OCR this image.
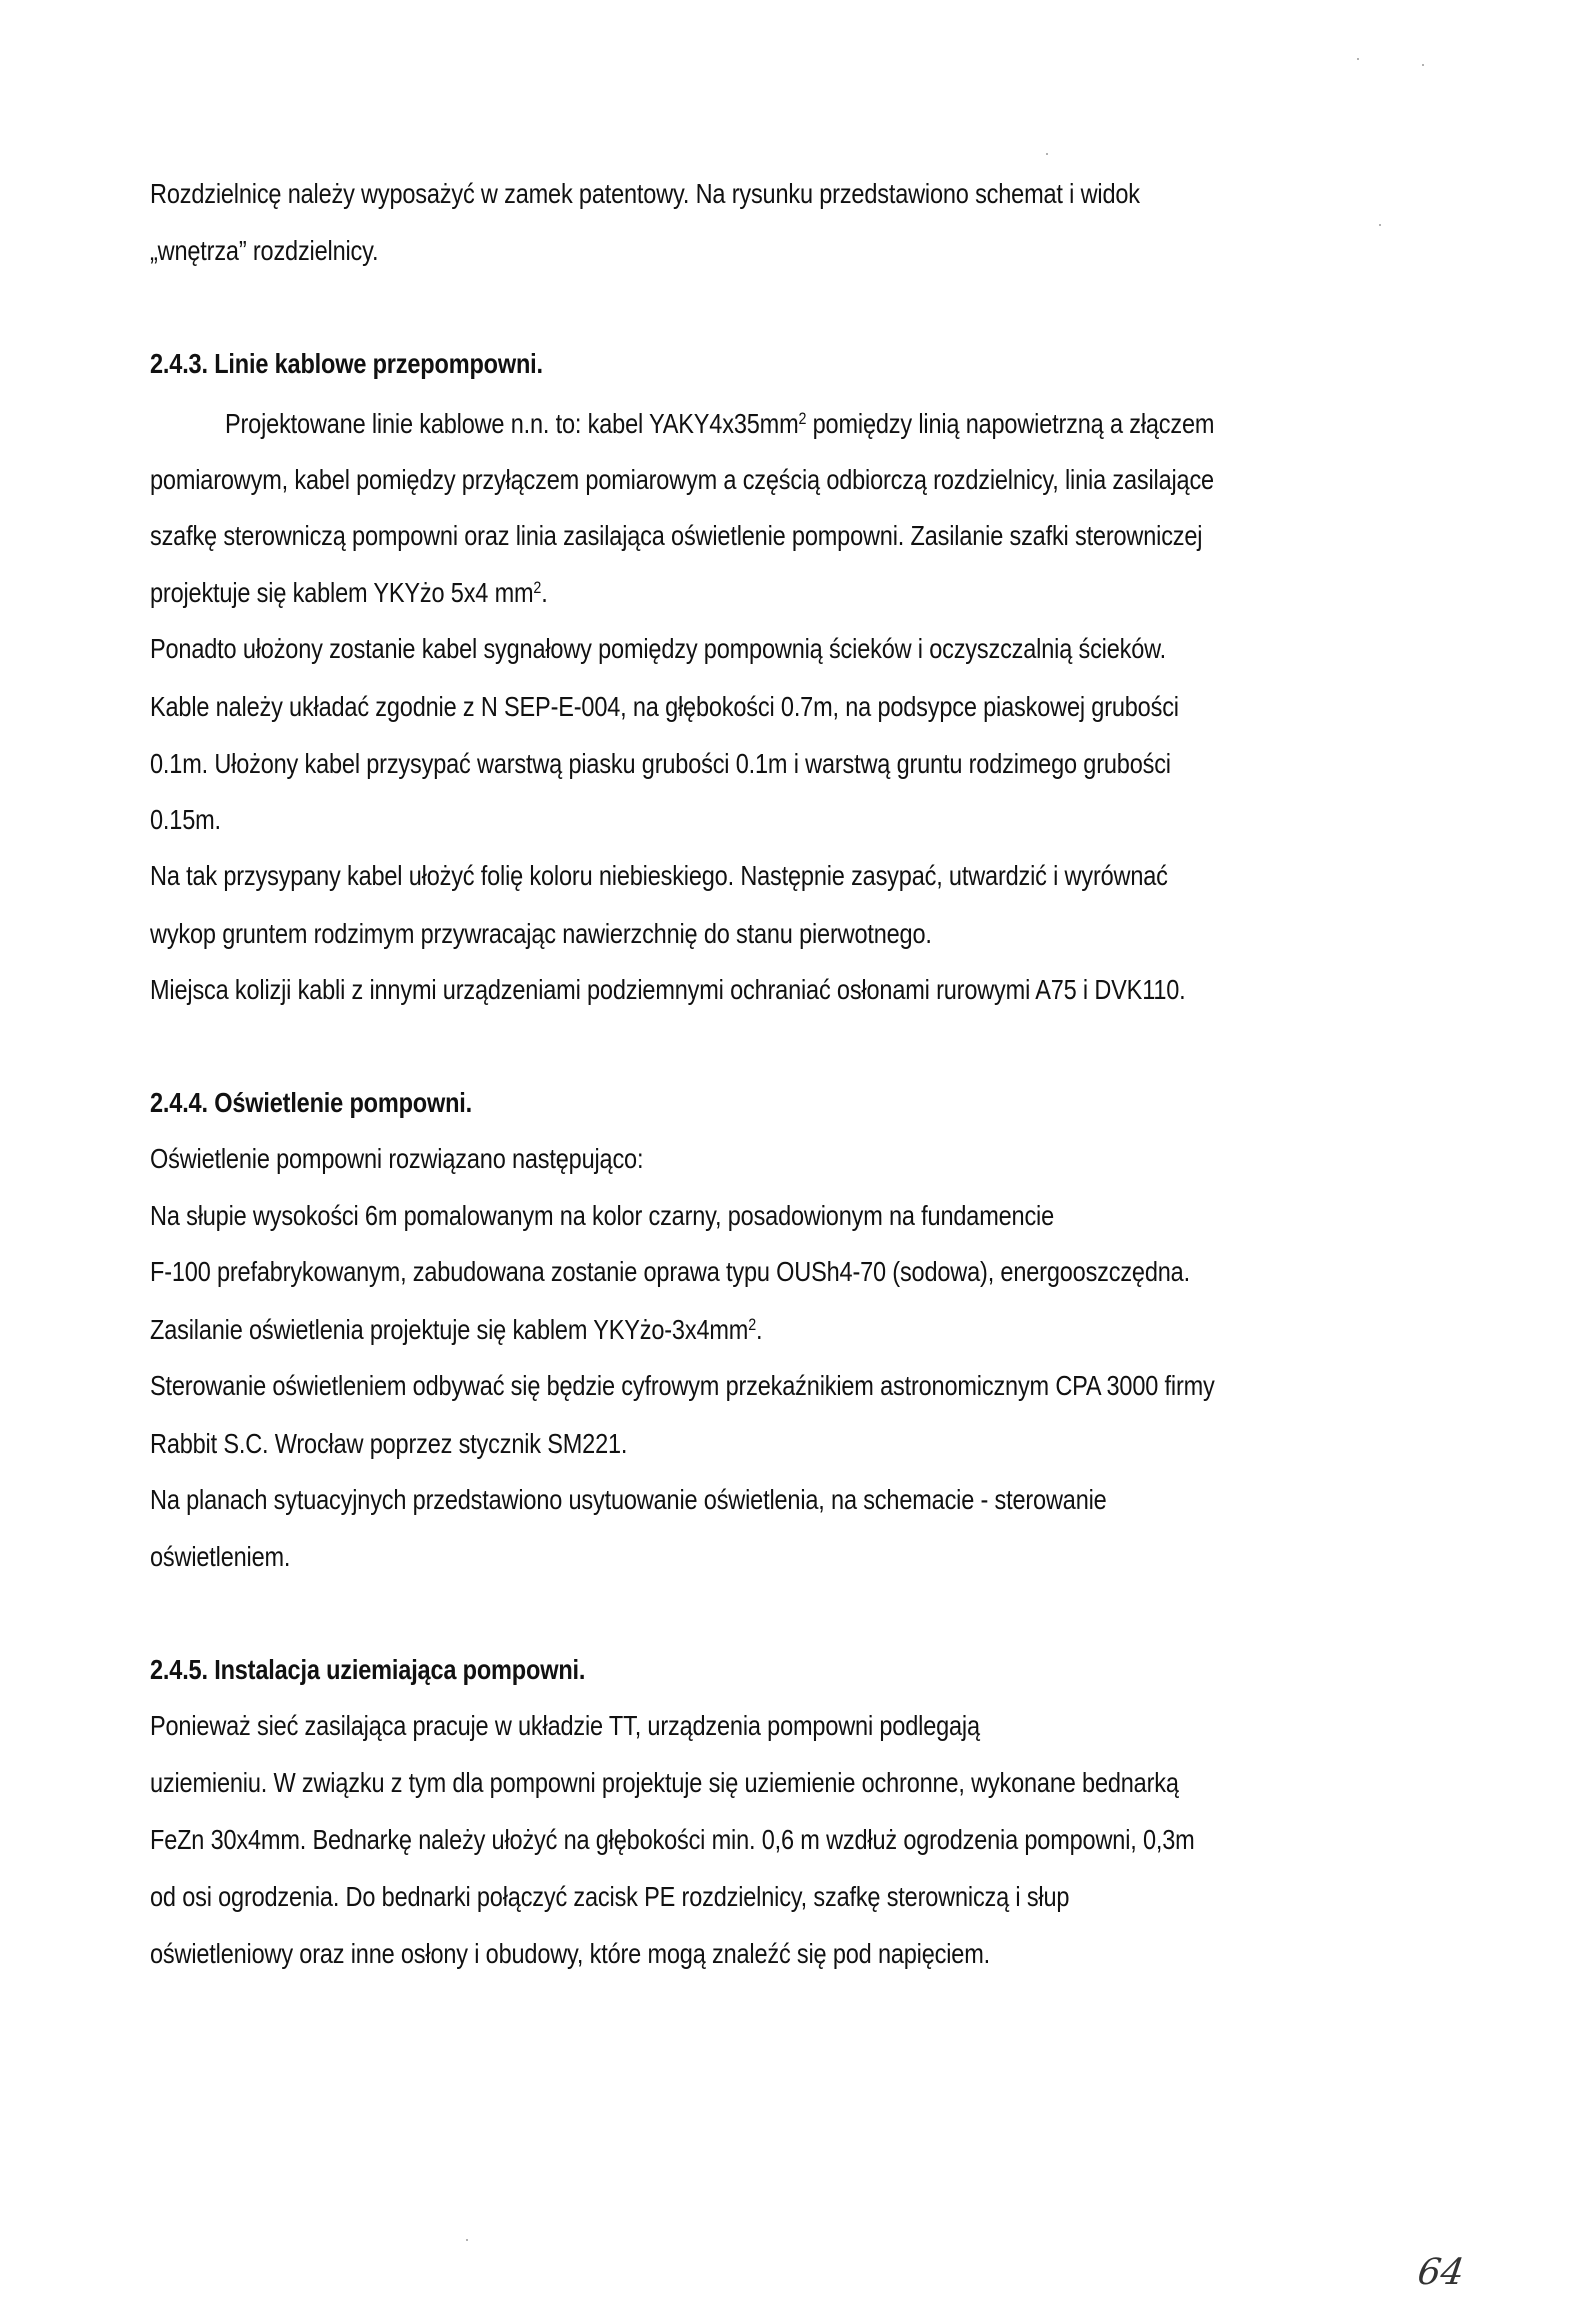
Rozdzielnicę należy wyposażyć w zamek patentowy. Na rysunku przedstawiono schemat i widok

„wnętrza” rozdzielnicy.

2.4.3. Linie kablowe przepompowni.

Projektowane linie kablowe n.n. to: kabel $YAKY4x35mm^2$ pomiędzy linią napowietrzną a złączem

pomiarowym, kabel pomiędzy przyłączem pomiarowym a częścią odbiorczą rozdzielnicy, linia zasilające

szafkę sterowniczą pompowni oraz linia zasilająca oświetlenie pompowni. Zasilanie szafki sterowniczej

projektuje się kablem YKYżo 5x4 $mm^2$.

Ponadto ułożony zostanie kabel sygnałowy pomiędzy pompownią ścieków i oczyszczalnią ścieków.

Kable należy układać zgodnie z N SEP-E-004, na głębokości 0.7m, na podsypce piaskowej grubości

0.1m. Ułożony kabel przysypać warstwą piasku grubości 0.1m i warstwą gruntu rodzimego grubości

0.15m.

Na tak przysypany kabel ułożyć folię koloru niebieskiego. Następnie zasypać, utwardzić i wyrównać

wykop gruntem rodzimym przywracając nawierzchnię do stanu pierwotnego.

Miejsca kolizji kabli z innymi urządzeniami podziemnymi ochraniać osłonami rurowymi A75 i DVK110.

2.4.4. Oświetlenie pompowni.

Oświetlenie pompowni rozwiązano następująco:

Na słupie wysokości 6m pomalowanym na kolor czarny, posadowionym na fundamencie

F-100 prefabrykowanym, zabudowana zostanie oprawa typu OUSh4-70 (sodowa), energooszczędna.

Zasilanie oświetlenia projektuje się kablem YKYżo-$3x4mm^2$.

Sterowanie oświetleniem odbywać się będzie cyfrowym przekaźnikiem astronomicznym CPA 3000 firmy

Rabbit S.C. Wrocław poprzez stycznik SM221.

Na planach sytuacyjnych przedstawiono usytuowanie oświetlenia, na schemacie - sterowanie

oświetleniem.

2.4.5. Instalacja uziemiająca pompowni.

Ponieważ sieć zasilająca pracuje w układzie TT, urządzenia pompowni podlegają

uziemieniu. W związku z tym dla pompowni projektuje się uziemienie ochronne, wykonane bednarką

FeZn 30x4mm. Bednarkę należy ułożyć na głębokości min. 0,6 m wzdłuż ogrodzenia pompowni, 0,3m

od osi ogrodzenia. Do bednarki połączyć zacisk PE rozdzielnicy, szafkę sterowniczą i słup

oświetleniowy oraz inne osłony i obudowy, które mogą znaleźć się pod napięciem.

64
